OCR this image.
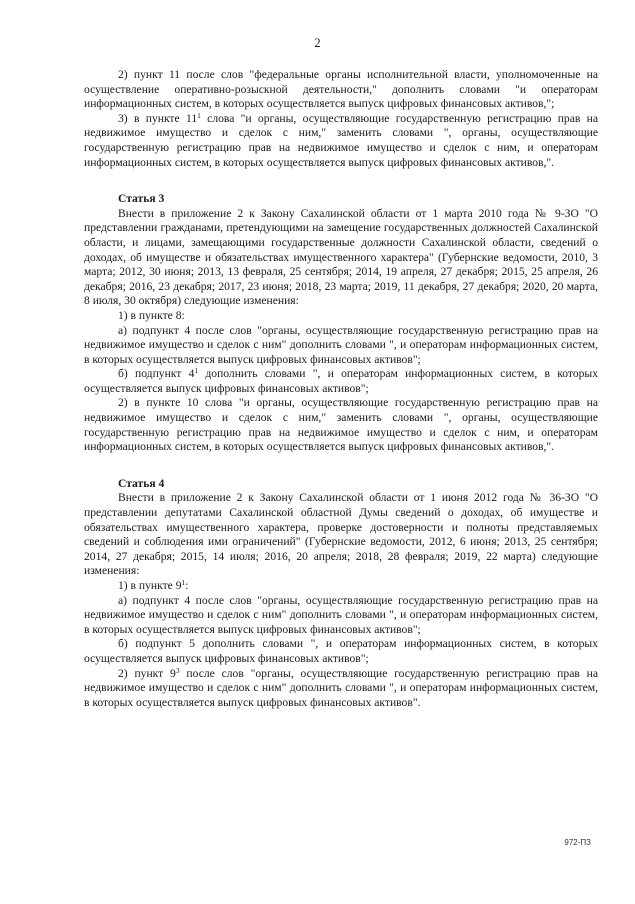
2

2) пункт 11 после слов "федеральные органы исполнительной власти, уполномоченные на осуществление оперативно-розыскной деятельности," дополнить словами "и операторам информационных систем, в которых осуществляется выпуск цифровых финансовых активов,";

3) в пункте $11^1$ слова "и органы, осуществляющие государственную регистрацию прав на недвижимое имущество и сделок с ним," заменить словами ", органы, осуществляющие государственную регистрацию прав на недвижимое имущество и сделок с ним, и операторам информационных систем, в которых осуществляется выпуск цифровых финансовых активов,".

Статья 3

Внести в приложение 2 к Закону Сахалинской области от 1 марта 2010 года № 9-ЗО "О представлении гражданами, претендующими на замещение государственных должностей Сахалинской области, и лицами, замещающими государственные должности Сахалинской области, сведений о доходах, об имуществе и обязательствах имущественного характера" (Губернские ведомости, 2010, 3 марта; 2012, 30 июня; 2013, 13 февраля, 25 сентября; 2014, 19 апреля, 27 декабря; 2015, 25 апреля, 26 декабря; 2016, 23 декабря; 2017, 23 июня; 2018, 23 марта; 2019, 11 декабря, 27 декабря; 2020, 20 марта, 8 июля, 30 октября) следующие изменения:

1) в пункте 8:

а) подпункт 4 после слов "органы, осуществляющие государственную регистрацию прав на недвижимое имущество и сделок с ним" дополнить словами ", и операторам информационных систем, в которых осуществляется выпуск цифровых финансовых активов";

б) подпункт $4^1$ дополнить словами ", и операторам информационных систем, в которых осуществляется выпуск цифровых финансовых активов";

2) в пункте 10 слова "и органы, осуществляющие государственную регистрацию прав на недвижимое имущество и сделок с ним," заменить словами ", органы, осуществляющие государственную регистрацию прав на недвижимое имущество и сделок с ним, и операторам информационных систем, в которых осуществляется выпуск цифровых финансовых активов,".

Статья 4

Внести в приложение 2 к Закону Сахалинской области от 1 июня 2012 года № 36-ЗО "О представлении депутатами Сахалинской областной Думы сведений о доходах, об имуществе и обязательствах имущественного характера, проверке достоверности и полноты представляемых сведений и соблюдения ими ограничений" (Губернские ведомости, 2012, 6 июня; 2013, 25 сентября; 2014, 27 декабря; 2015, 14 июля; 2016, 20 апреля; 2018, 28 февраля; 2019, 22 марта) следующие изменения:

1) в пункте $9^1$:

а) подпункт 4 после слов "органы, осуществляющие государственную регистрацию прав на недвижимое имущество и сделок с ним" дополнить словами ", и операторам информационных систем, в которых осуществляется выпуск цифровых финансовых активов";

б) подпункт 5 дополнить словами ", и операторам информационных систем, в которых осуществляется выпуск цифровых финансовых активов";

2) пункт $9^3$ после слов "органы, осуществляющие государственную регистрацию прав на недвижимое имущество и сделок с ним" дополнить словами ", и операторам информационных систем, в которых осуществляется выпуск цифровых финансовых активов".

972-ПЗ
